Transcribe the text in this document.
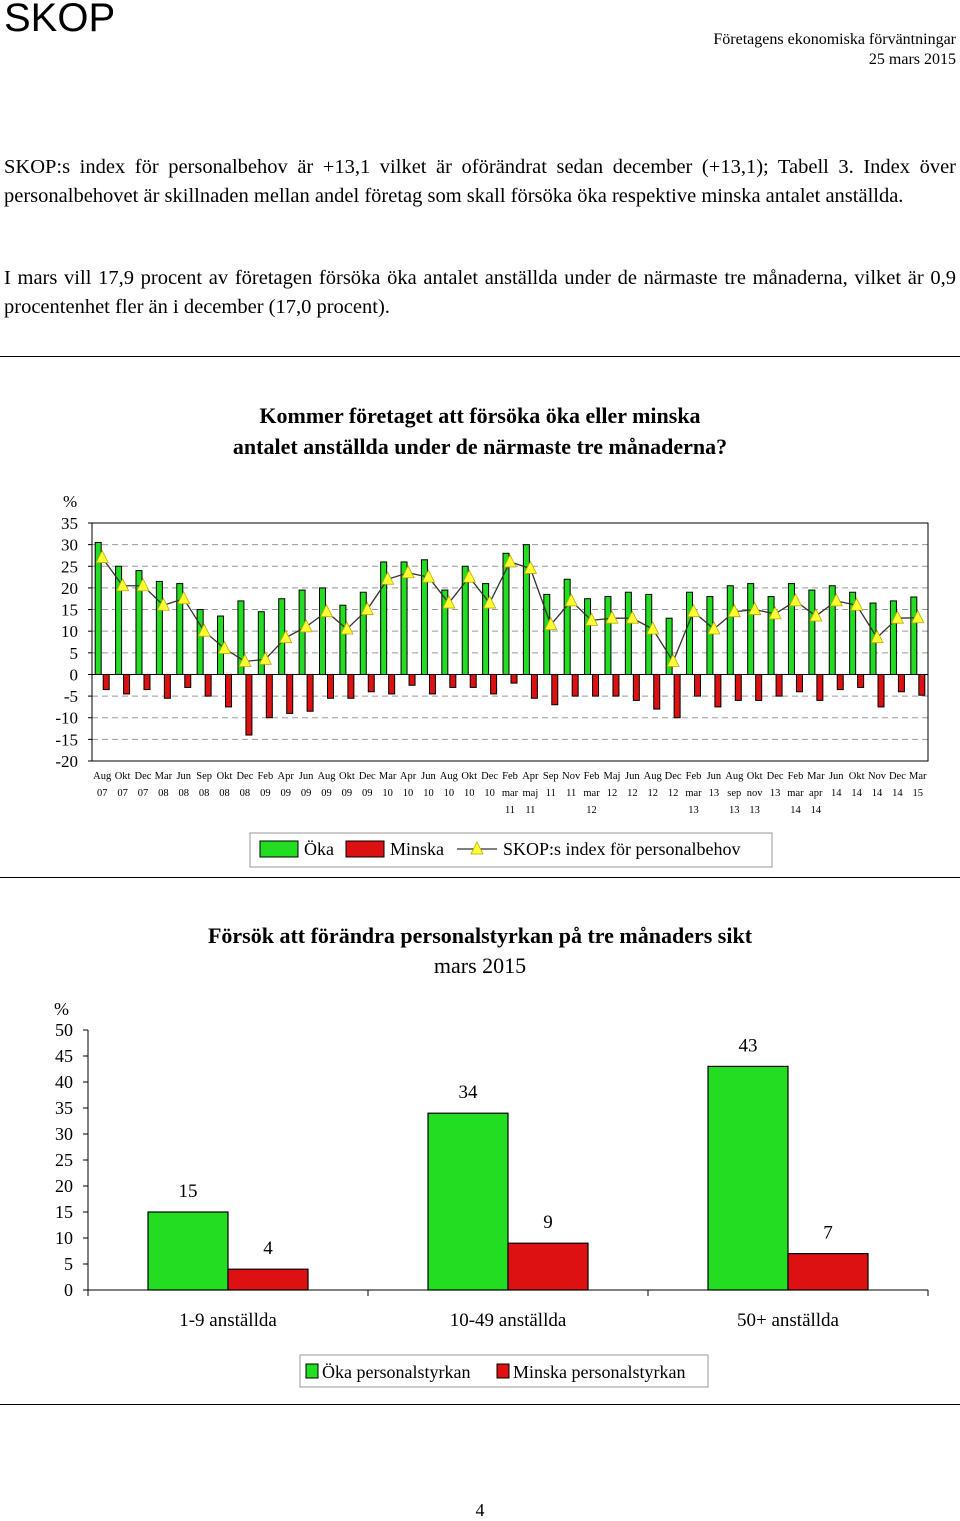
SKOP	Företagens ekonomiska förväntningar
25 mars 2015
SKOP:s index för personalbehov är +13,1 vilket är oförändrat sedan december (+13,1); Tabell 3. Index över personalbehovet är skillnaden mellan andel företag som skall försöka öka respektive minska antalet anställda.
I mars vill 17,9 procent av företagen försöka öka antalet anställda under de närmaste tre månaderna, vilket är 0,9 procentenhet fler än i december (17,0 procent).
Kommer företaget att försöka öka eller minska
antalet anställda under de närmaste tre månaderna?
%
35
30
25
20
15
10
5
0
-5
-10
-15
-20
Aug
07
Okt
07
Dec
07
Mar
08
Jun
08
Sep
08
Okt
08
Dec
08
Feb
09
Apr
09
Jun
09
Aug
09
Okt
09
Dec
09
Mar
10
Apr
10
Jun
10
Aug
10
Okt
10
Dec
10
Feb
mar
11
Apr
maj
11
Sep
11
Nov
11
Feb
mar
12
Maj
12
Jun
12
Aug
12
Dec
12
Feb
mar
13
Jun
13
Aug
sep
13
Okt
nov
13
Dec
13
Feb
mar
14
Mar
apr
14
Jun
14
Okt
14
Nov
14
Dec
14
Mar
15
Öka	Minska	SKOP:s index för personalbehov
Försök att förändra personalstyrkan på tre månaders sikt
mars 2015
%
50
45
40
35
30
25
20
15
10
5
0
15
4
1-9 anställda
34
9
10-49 anställda
43
7
50+ anställda
Öka personalstyrkan Minska personalstyrkan
4
